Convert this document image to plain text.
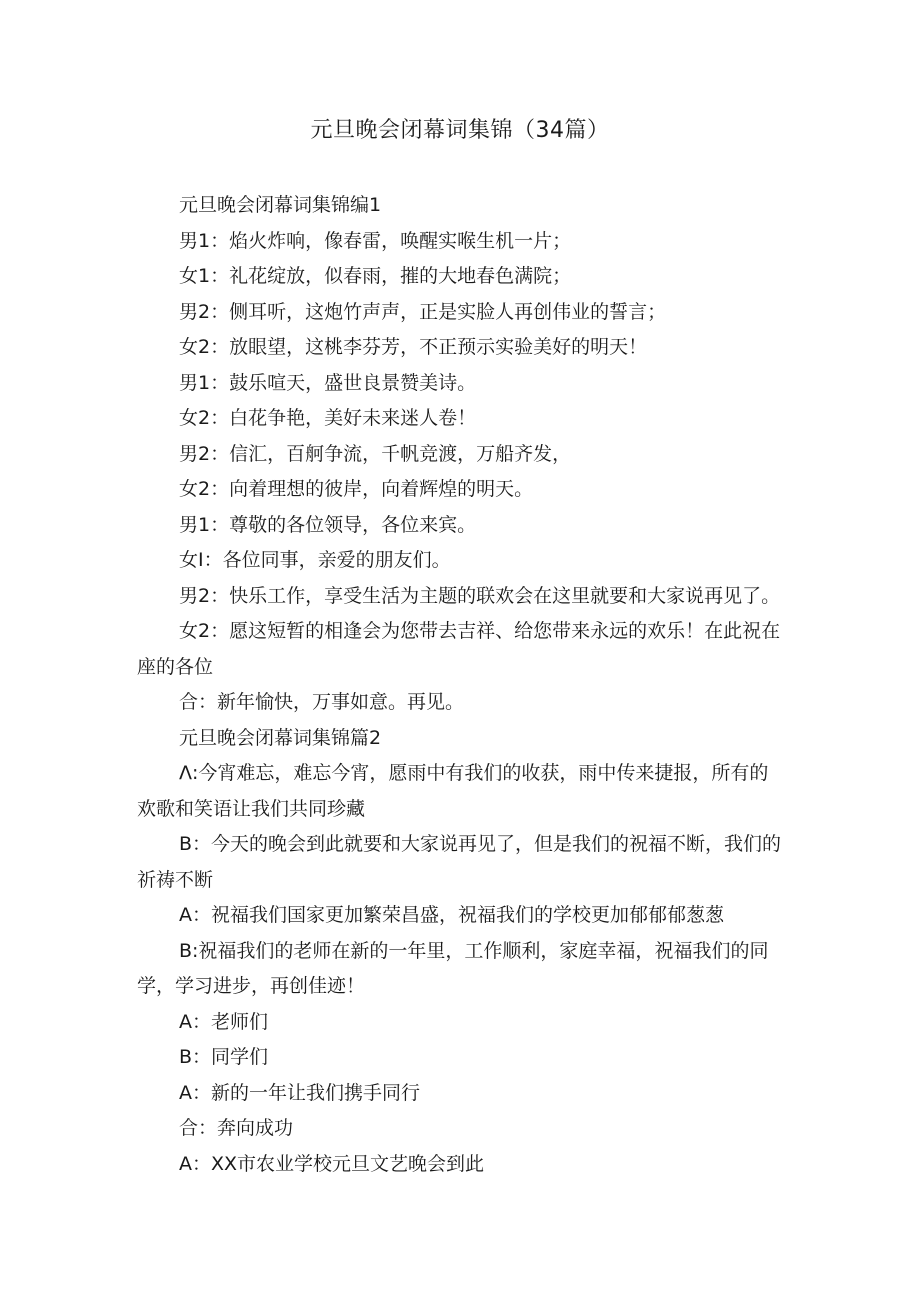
元旦晚会闭幕词集锦（34篇）

元旦晚会闭幕词集锦编1

男1：焰火炸响，像春雷，唤醒实喉生机一片；

女1：礼花绽放，似春雨，摧的大地春色满院；

男2：侧耳听，这炮竹声声，正是实脸人再创伟业的誓言；

女2：放眼望，这桃李芬芳，不正预示实验美好的明天！

男1：鼓乐喧天，盛世良景赞美诗。

女2：白花争艳，美好未来迷人卷！

男2：信汇，百舸争流，千帆竞渡，万船齐发，

女2：向着理想的彼岸，向着辉煌的明天。

男1：尊敬的各位领导，各位来宾。

女I：各位同事，亲爱的朋友们。

男2：快乐工作，享受生活为主题的联欢会在这里就要和大家说再见了。

女2：愿这短暂的相逢会为您带去吉祥、给您带来永远的欢乐！在此祝在座的各位

合：新年愉快，万事如意。再见。

元旦晚会闭幕词集锦篇2

Λ:今宵难忘，难忘今宵，愿雨中有我们的收获，雨中传来捷报，所有的欢歌和笑语让我们共同珍藏

B：今天的晚会到此就要和大家说再见了，但是我们的祝福不断，我们的祈祷不断

A：祝福我们国家更加繁荣昌盛，祝福我们的学校更加郁郁郁葱葱

B:祝福我们的老师在新的一年里，工作顺利，家庭幸福，祝福我们的同学，学习进步，再创佳迹！

A：老师们

B：同学们

A：新的一年让我们携手同行

合：奔向成功

A：XX市农业学校元旦文艺晚会到此
